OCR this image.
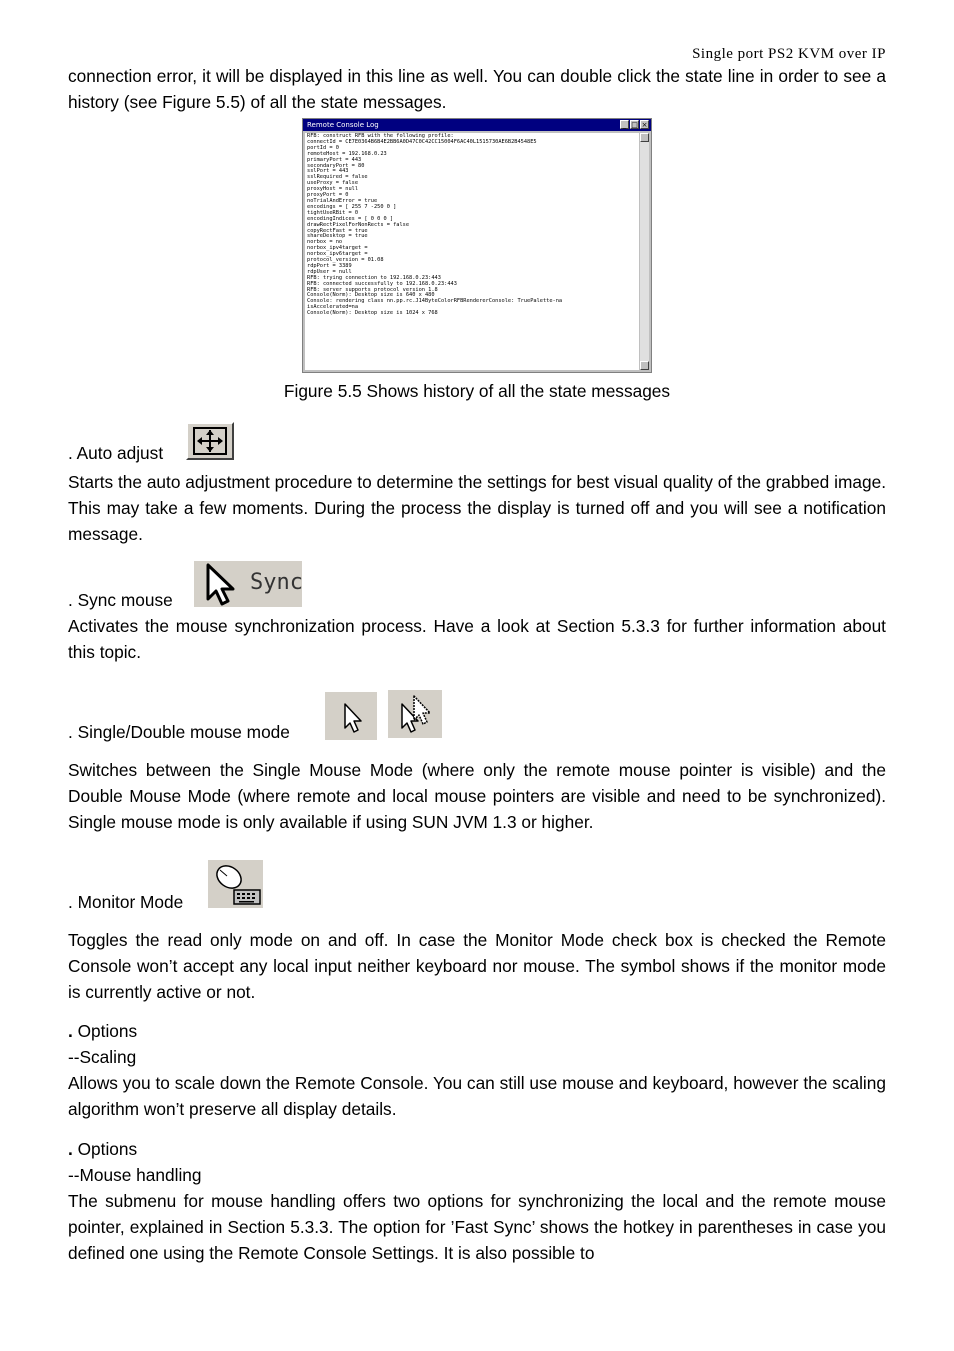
Single port PS2 KVM over IP
connection error, it will be displayed in this line as well. You can double click the state line in order to see a history (see Figure 5.5) of all the state messages.
Remote Console Log	_ □ ×
RFB: construct RFB with the following profile:
connectId = CE7E0364B6B4E2BB6A0D47C0C42CC15004F6AC40L1515730AE6B2B4548E5
portId = 0
remoteHost = 192.168.0.23
primaryPort = 443
secondaryPort = 80
sslPort = 443
sslRequired = false
useProxy = false
proxyHost = null
proxyPort = 0
noTrialAndError = true
encodings = [ 255 7 -250 0 ]
tightUseRBit = 0
encodingIndices = [ 0 0 0 ]
drawRectPixelForNonRects = false
copyRectFast = true
shareDesktop = true
norbox = no
norbox_ipv4target =
norbox_ipv6target =
protocol_version = 01.08
rdpPort = 3389
rdpUser = null
RFB: trying connection to 192.168.0.23:443
RFB: connected successfully to 192.168.0.23:443
RFB: server supports protocol version 1.8
Console(Norm): Desktop size is 640 x 480
Console: rendering class nn.pp.rc.J14ByteColorRFBRendererConsole: TruePalette-na
isAccelerated=na
Console(Norm): Desktop size is 1024 x 768
Figure 5.5 Shows history of all the state messages
. Auto adjust
Starts the auto adjustment procedure to determine the settings for best visual quality of the grabbed image. This may take a few moments. During the process the display is turned off and you will see a notification message.
. Sync mouse
Sync
Activates the mouse synchronization process. Have a look at Section 5.3.3 for further information about this topic.
. Single/Double mouse mode
Switches between the Single Mouse Mode (where only the remote mouse pointer is visible) and the Double Mouse Mode (where remote and local mouse pointers are visible and need to be synchronized). Single mouse mode is only available if using SUN JVM 1.3 or higher.
. Monitor Mode
Toggles the read only mode on and off. In case the Monitor Mode check box is checked the Remote Console won’t accept any local input neither keyboard nor mouse. The symbol shows if the monitor mode is currently active or not.
. Options
--Scaling
Allows you to scale down the Remote Console. You can still use mouse and keyboard, however the scaling algorithm won’t preserve all display details.
. Options
--Mouse handling
The submenu for mouse handling offers two options for synchronizing the local and the remote mouse pointer, explained in Section 5.3.3. The option for ’Fast Sync’ shows the hotkey in parentheses in case you defined one using the Remote Console Settings. It is also possible to
